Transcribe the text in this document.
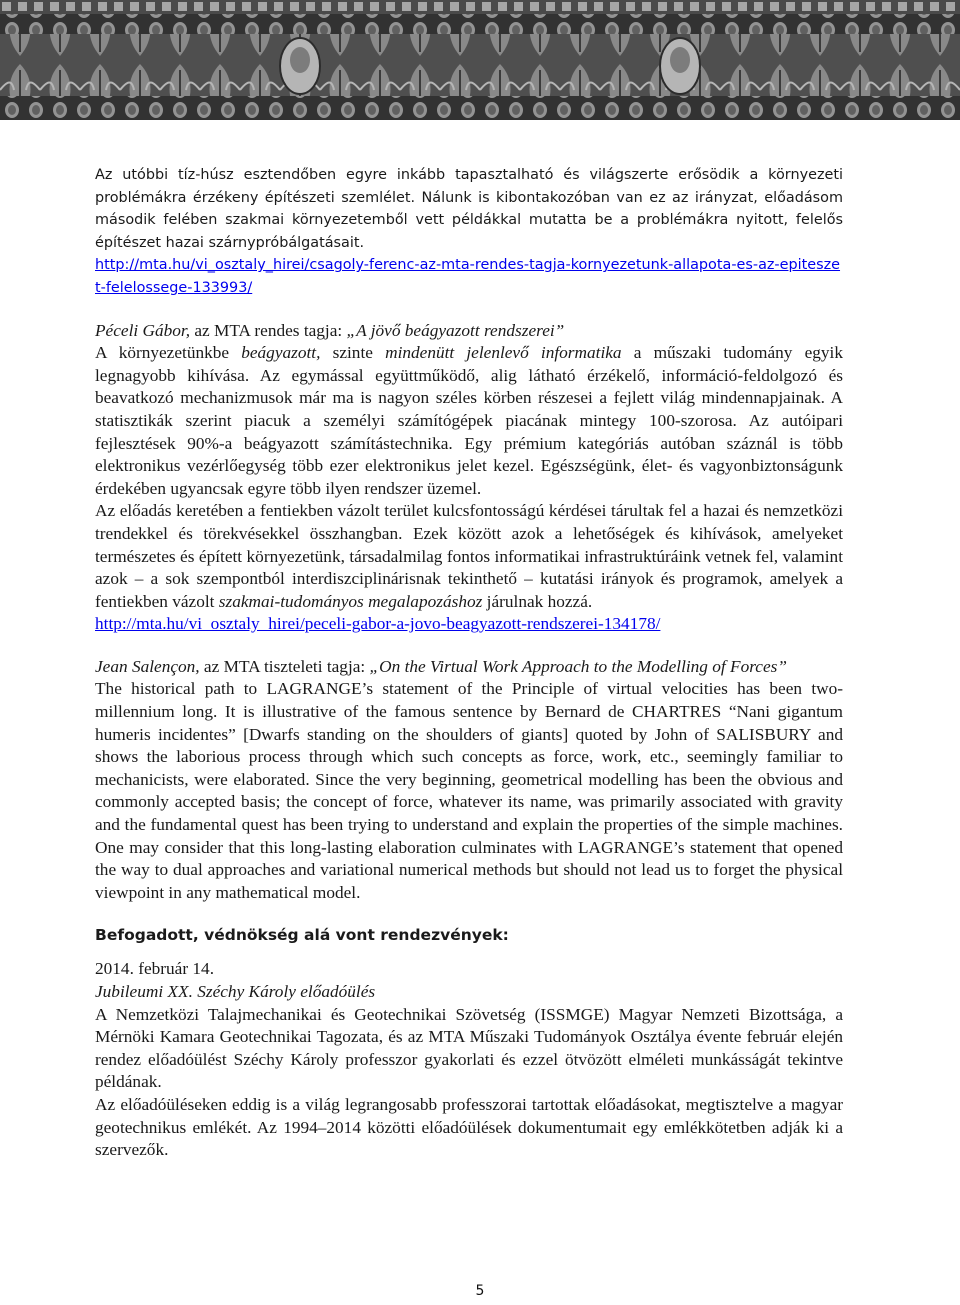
Az utóbbi tíz-húsz esztendőben egyre inkább tapasztalható és világszerte erősödik a környezeti problémákra érzékeny építészeti szemlélet. Nálunk is kibontakozóban van ez az irányzat, előadásom második felében szakmai környezetemből vett példákkal mutatta be a problémákra nyitott, felelős építészet hazai szárnypróbálgatásait.

http://mta.hu/vi_osztaly_hirei/csagoly-ferenc-az-mta-rendes-tagja-kornyezetunk-allapota-es-az-epiteszet-felelossege-133993/

Péceli Gábor, az MTA rendes tagja: „A jövő beágyazott rendszerei”

A környezetünkbe beágyazott, szinte mindenütt jelenlevő informatika a műszaki tudomány egyik legnagyobb kihívása. Az egymással együttműködő, alig látható érzékelő, információ-feldolgozó és beavatkozó mechanizmusok már ma is nagyon széles körben részesei a fejlett világ mindennapjainak. A statisztikák szerint piacuk a személyi számítógépek piacának mintegy 100-szorosa. Az autóipari fejlesztések 90%-a beágyazott számítástechnika. Egy prémium kategóriás autóban száznál is több elektronikus vezérlőegység több ezer elektronikus jelet kezel. Egészségünk, élet- és vagyonbiztonságunk érdekében ugyancsak egyre több ilyen rendszer üzemel.

Az előadás keretében a fentiekben vázolt terület kulcsfontosságú kérdései tárultak fel a hazai és nemzetközi trendekkel és törekvésekkel összhangban. Ezek között azok a lehetőségek és kihívások, amelyeket természetes és épített környezetünk, társadalmilag fontos informatikai infrastruktúráink vetnek fel, valamint azok – a sok szempontból interdiszciplinárisnak tekinthető – kutatási irányok és programok, amelyek a fentiekben vázolt szakmai-tudományos megalapozáshoz járulnak hozzá.

http://mta.hu/vi_osztaly_hirei/peceli-gabor-a-jovo-beagyazott-rendszerei-134178/

Jean Salençon, az MTA tiszteleti tagja: „On the Virtual Work Approach to the Modelling of Forces”

The historical path to LAGRANGE’s statement of the Principle of virtual velocities has been two-millennium long. It is illustrative of the famous sentence by Bernard de CHARTRES “Nani gigantum humeris incidentes” [Dwarfs standing on the shoulders of giants] quoted by John of SALISBURY and shows the laborious process through which such concepts as force, work, etc., seemingly familiar to mechanicists, were elaborated. Since the very beginning, geometrical modelling has been the obvious and commonly accepted basis; the concept of force, whatever its name, was primarily associated with gravity and the fundamental quest has been trying to understand and explain the properties of the simple machines. One may consider that this long-lasting elaboration culminates with LAGRANGE’s statement that opened the way to dual approaches and variational numerical methods but should not lead us to forget the physical viewpoint in any mathematical model.

Befogadott, védnökség alá vont rendezvények:

2014. február 14.

Jubileumi XX. Széchy Károly előadóülés

A Nemzetközi Talajmechanikai és Geotechnikai Szövetség (ISSMGE) Magyar Nemzeti Bizottsága, a Mérnöki Kamara Geotechnikai Tagozata, és az MTA Műszaki Tudományok Osztálya évente február elején rendez előadóülést Széchy Károly professzor gyakorlati és ezzel ötvözött elméleti munkásságát tekintve példának.

Az előadóüléseken eddig is a világ legrangosabb professzorai tartottak előadásokat, megtisztelve a magyar geotechnikus emlékét. Az 1994–2014 közötti előadóülések dokumentumait egy emlékkötetben adják ki a szervezők.

5
